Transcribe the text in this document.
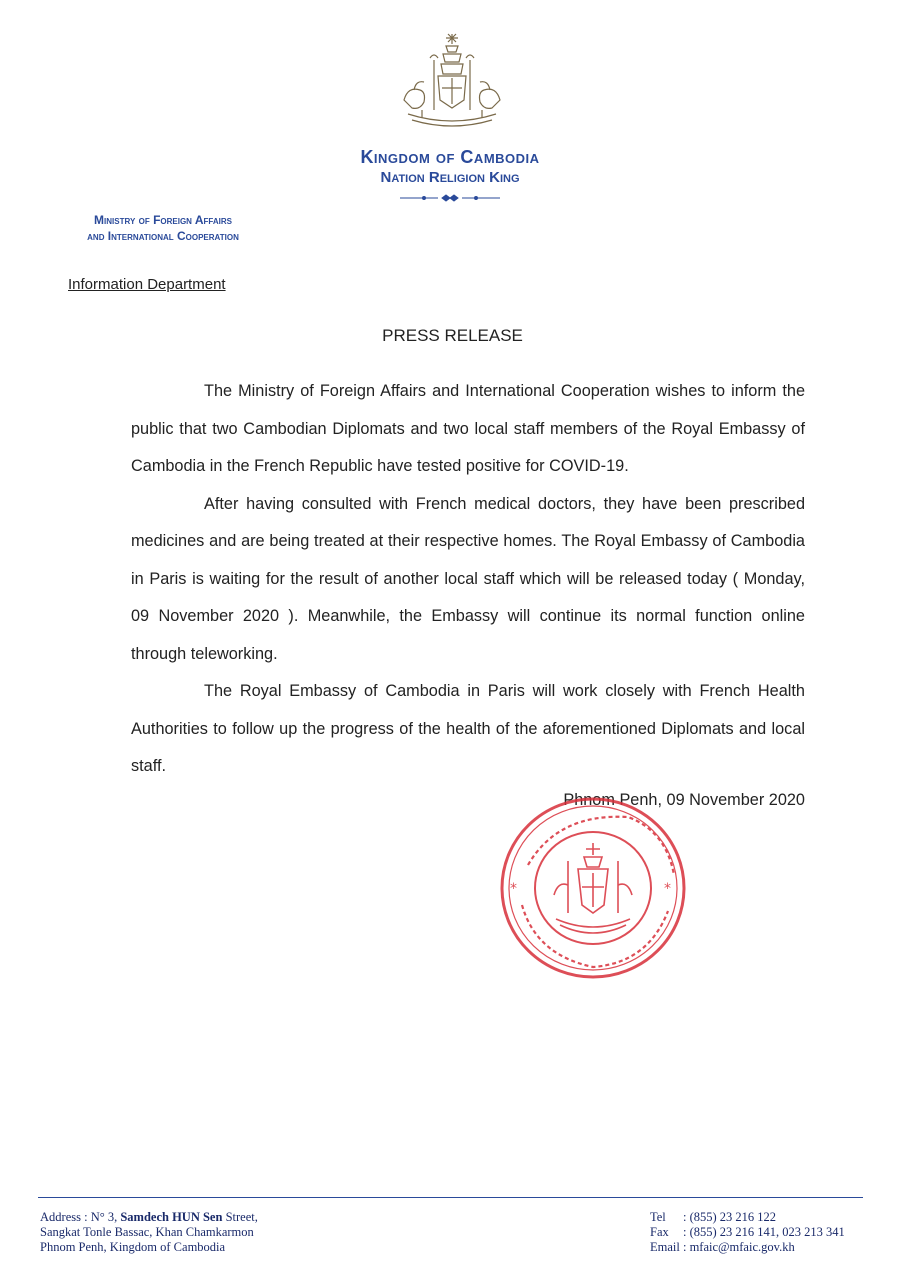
Kingdom of Cambodia
Nation Religion King
Ministry of Foreign Affairs
and International Cooperation
Information Department
PRESS RELEASE

The Ministry of Foreign Affairs and International Cooperation wishes to inform the public that two Cambodian Diplomats and two local staff members of the Royal Embassy of Cambodia in the French Republic have tested positive for COVID-19.

After having consulted with French medical doctors, they have been prescribed medicines and are being treated at their respective homes. The Royal Embassy of Cambodia in Paris is waiting for the result of another local staff which will be released today ( Monday, 09 November 2020 ). Meanwhile, the Embassy will continue its normal function online through teleworking.

The Royal Embassy of Cambodia in Paris will work closely with French Health Authorities to follow up the progress of the health of the aforementioned Diplomats and local staff.

Phnom Penh, 09 November 2020
*	*
Address : N° 3, Samdech HUN Sen Street,
Sangkat Tonle Bassac, Khan Chamkarmon
Phnom Penh, Kingdom of Cambodia
Tel : (855) 23 216 122
Fax : (855) 23 216 141, 023 213 341
Email : mfaic@mfaic.gov.kh
